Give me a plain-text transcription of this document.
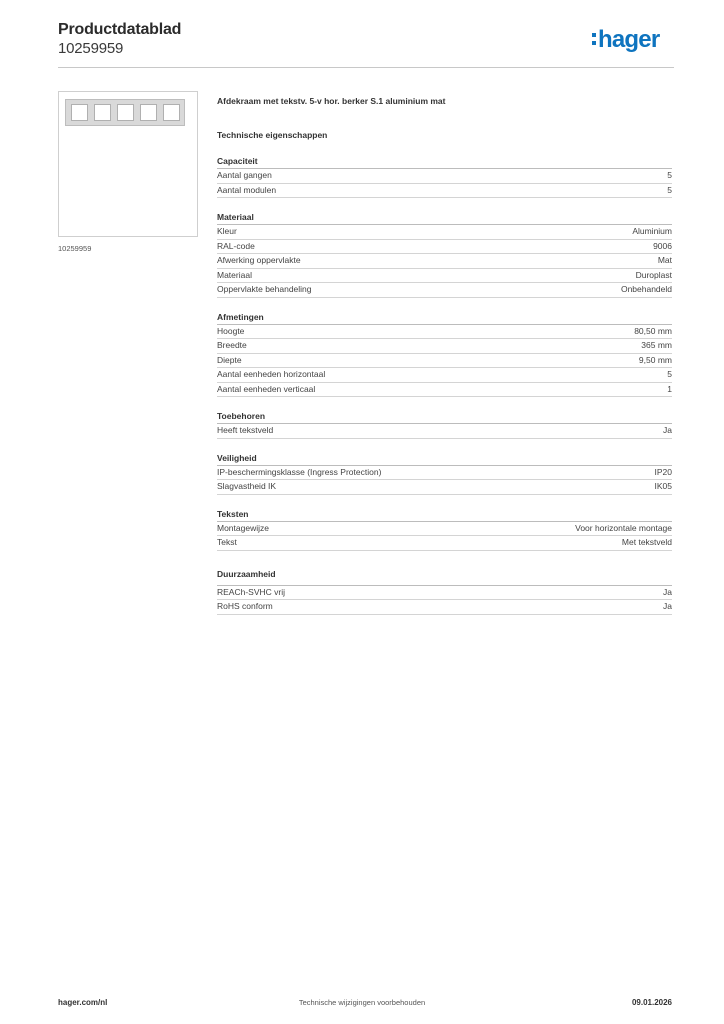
Productdatablad
10259959	hager
10259959
Afdekraam met tekstv. 5-v hor. berker S.1 aluminium mat
Technische eigenschappen
Capaciteit
Aantal gangen	5
Aantal modulen	5
Materiaal
Kleur	Aluminium
RAL-code	9006
Afwerking oppervlakte	Mat
Materiaal	Duroplast
Oppervlakte behandeling	Onbehandeld
Afmetingen
Hoogte	80,50 mm
Breedte	365 mm
Diepte	9,50 mm
Aantal eenheden horizontaal	5
Aantal eenheden verticaal	1
Toebehoren
Heeft tekstveld	Ja
Veiligheid
IP-beschermingsklasse (Ingress Protection)	IP20
Slagvastheid IK	IK05
Teksten
Montagewijze	Voor horizontale montage
Tekst	Met tekstveld
Duurzaamheid
REACh-SVHC vrij	Ja
RoHS conform	Ja
hager.com/nl	Technische wijzigingen voorbehouden	09.01.2026
